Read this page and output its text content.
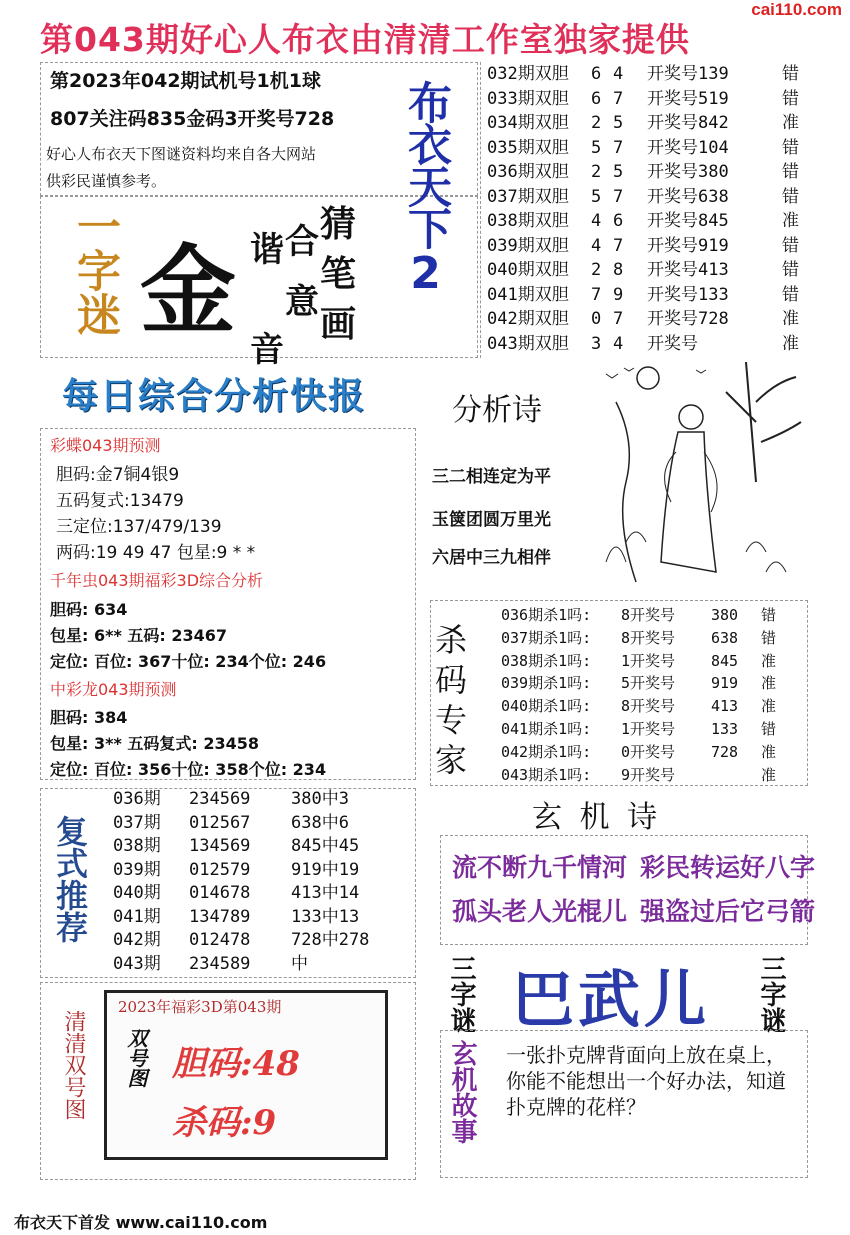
cai110.com
第043期好心人布衣由清清工作室独家提供
第2023年042期试机号1机1球
807关注码835金码3开奖号728
好心人布衣天下图谜资料均来自各大网站
供彩民谨慎参考。
一字迷 金
猜
笔
画
合
意
谐
音
布衣天下2
032期双胆 6 4 开奖号139	错
033期双胆 6 7 开奖号519	错
034期双胆 2 5 开奖号842	准
035期双胆 5 7 开奖号104	错
036期双胆 2 5 开奖号380	错
037期双胆 5 7 开奖号638	错
038期双胆 4 6 开奖号845	准
039期双胆 4 7 开奖号919	错
040期双胆 2 8 开奖号413	错
041期双胆 7 9 开奖号133	错
042期双胆 0 7 开奖号728	准
043期双胆 3 4 开奖号	准
每日综合分析快报
彩蝶043期预测
胆码:金7铜4银9
五码复式:13479
三定位:137/479/139
两码:19 49 47 包星:9 * *
千年虫043期福彩3D综合分析
胆码: 634
包星: 6** 五码: 23467
定位: 百位: 367十位: 234个位: 246
中彩龙043期预测
胆码: 384
包星: 3** 五码复式: 23458
定位: 百位: 356十位: 358个位: 234
分析诗
三二相连定为平
玉箧团圆万里光
六居中三九相伴
杀码专家
036期杀1吗: 8开奖号 380 错
037期杀1吗: 8开奖号 638 错
038期杀1吗: 1开奖号 845 准
039期杀1吗: 5开奖号 919 准
040期杀1吗: 8开奖号 413 准
041期杀1吗: 1开奖号 133 错
042期杀1吗: 0开奖号 728 准
043期杀1吗: 9开奖号	准
复式推荐
036期 234569 380中3
037期 012567 638中6
038期 134569 845中45
039期 012579 919中19
040期 014678 413中14
041期 134789 133中13
042期 012478 728中278
043期 234589 中
玄 机 诗
流不断九千情河 彩民转运好八字
孤头老人光棍儿 强盗过后它弓箭
清清双号图
2023年福彩3D第043期
双号图 胆码:48
杀码:9
三字谜 巴武儿 三字谜
玄机故事 一张扑克牌背面向上放在桌上，你能不能想出一个好办法，知道扑克牌的花样？
布衣天下首发 www.cai110.com
